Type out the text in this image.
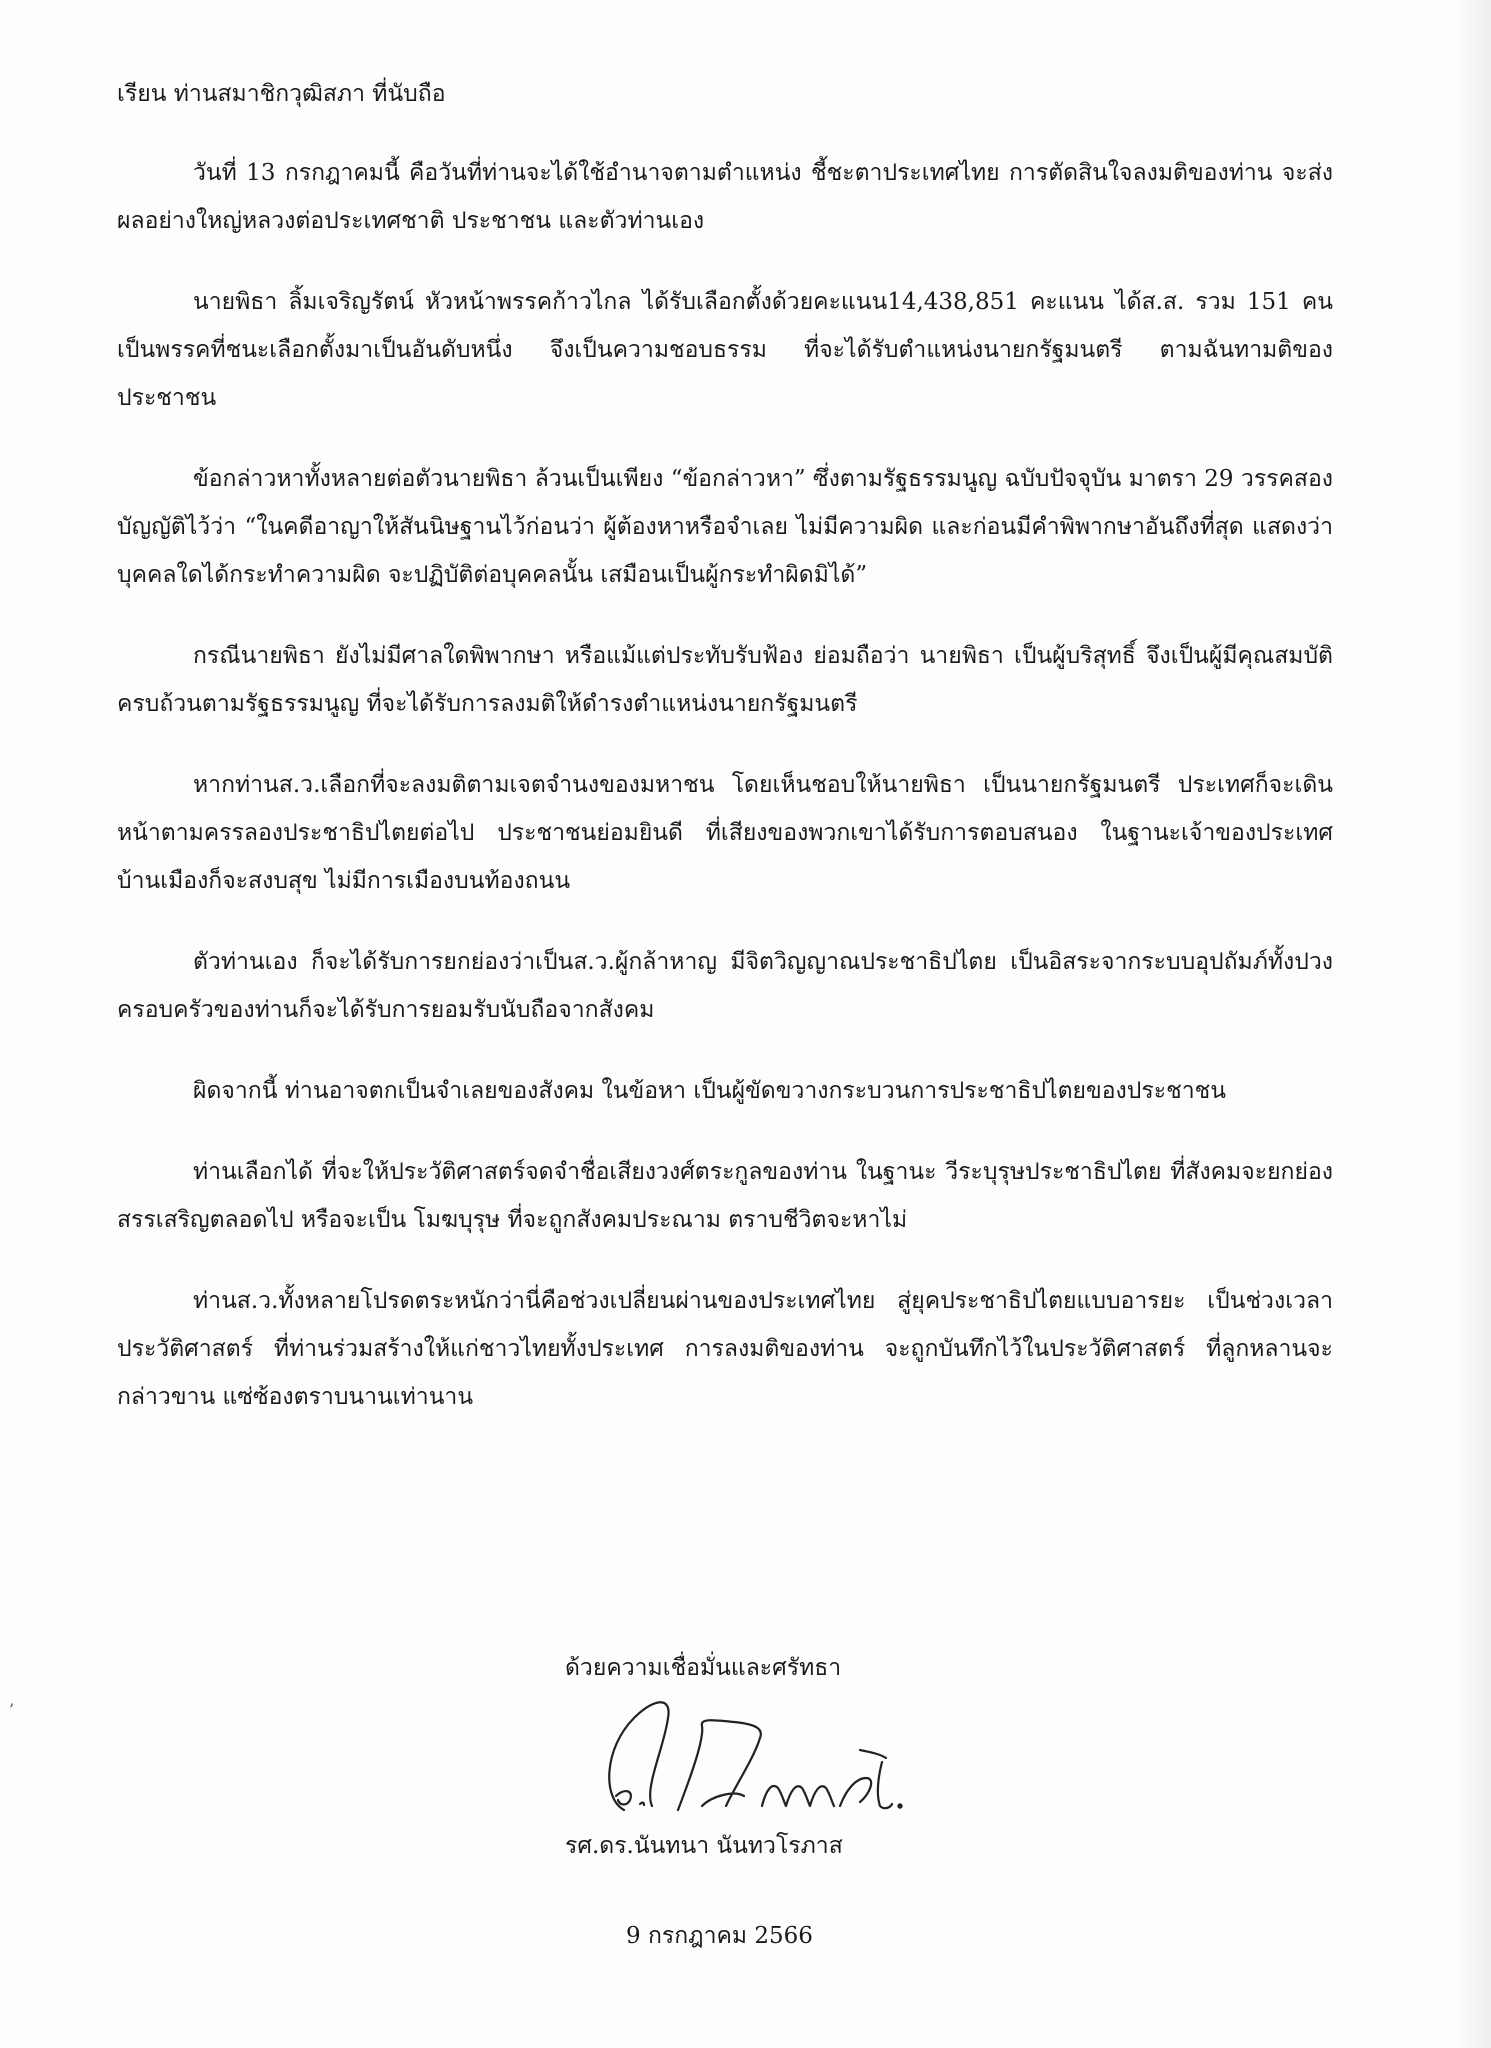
เรียน ท่านสมาชิกวุฒิสภา ที่นับถือ

วันที่ 13 กรกฎาคมนี้ คือวันที่ท่านจะได้ใช้อำนาจตามตำแหน่ง ชี้ชะตาประเทศไทย การตัดสินใจลงมติของท่าน จะส่งผลอย่างใหญ่หลวงต่อประเทศชาติ ประชาชน และตัวท่านเอง

นายพิธา ลิ้มเจริญรัตน์ หัวหน้าพรรคก้าวไกล ได้รับเลือกตั้งด้วยคะแนน14,438,851 คะแนน ได้ส.ส. รวม 151 คน เป็นพรรคที่ชนะเลือกตั้งมาเป็นอันดับหนึ่ง จึงเป็นความชอบธรรม ที่จะได้รับตำแหน่งนายกรัฐมนตรี ตามฉันทามติของประชาชน

ข้อกล่าวหาทั้งหลายต่อตัวนายพิธา ล้วนเป็นเพียง “ข้อกล่าวหา” ซึ่งตามรัฐธรรมนูญ ฉบับปัจจุบัน มาตรา 29 วรรคสอง บัญญัติไว้ว่า “ในคดีอาญาให้สันนิษฐานไว้ก่อนว่า ผู้ต้องหาหรือจำเลย ไม่มีความผิด และก่อนมีคำพิพากษาอันถึงที่สุด แสดงว่าบุคคลใดได้กระทำความผิด จะปฏิบัติต่อบุคคลนั้น เสมือนเป็นผู้กระทำผิดมิได้”

กรณีนายพิธา ยังไม่มีศาลใดพิพากษา หรือแม้แต่ประทับรับฟ้อง ย่อมถือว่า นายพิธา เป็นผู้บริสุทธิ์ จึงเป็นผู้มีคุณสมบัติครบถ้วนตามรัฐธรรมนูญ ที่จะได้รับการลงมติให้ดำรงตำแหน่งนายกรัฐมนตรี

หากท่านส.ว.เลือกที่จะลงมติตามเจตจำนงของมหาชน โดยเห็นชอบให้นายพิธา เป็นนายกรัฐมนตรี ประเทศก็จะเดินหน้าตามครรลองประชาธิปไตยต่อไป ประชาชนย่อมยินดี ที่เสียงของพวกเขาได้รับการตอบสนอง ในฐานะเจ้าของประเทศ บ้านเมืองก็จะสงบสุข ไม่มีการเมืองบนท้องถนน

ตัวท่านเอง ก็จะได้รับการยกย่องว่าเป็นส.ว.ผู้กล้าหาญ มีจิตวิญญาณประชาธิปไตย เป็นอิสระจากระบบอุปถัมภ์ทั้งปวง ครอบครัวของท่านก็จะได้รับการยอมรับนับถือจากสังคม

ผิดจากนี้ ท่านอาจตกเป็นจำเลยของสังคม ในข้อหา เป็นผู้ขัดขวางกระบวนการประชาธิปไตยของประชาชน

ท่านเลือกได้ ที่จะให้ประวัติศาสตร์จดจำชื่อเสียงวงศ์ตระกูลของท่าน ในฐานะ วีระบุรุษประชาธิปไตย ที่สังคมจะยกย่องสรรเสริญตลอดไป หรือจะเป็น โมฆบุรุษ ที่จะถูกสังคมประณาม ตราบชีวิตจะหาไม่

ท่านส.ว.ทั้งหลายโปรดตระหนักว่านี่คือช่วงเปลี่ยนผ่านของประเทศไทย สู่ยุคประชาธิปไตยแบบอารยะ เป็นช่วงเวลา ประวัติศาสตร์ ที่ท่านร่วมสร้างให้แก่ชาวไทยทั้งประเทศ การลงมติของท่าน จะถูกบันทึกไว้ในประวัติศาสตร์ ที่ลูกหลานจะ กล่าวขาน แซ่ซ้องตราบนานเท่านาน

ด้วยความเชื่อมั่นและศรัทธา
รศ.ดร.นันทนา นันทวโรภาส
9 กรกฎาคม 2566
’
